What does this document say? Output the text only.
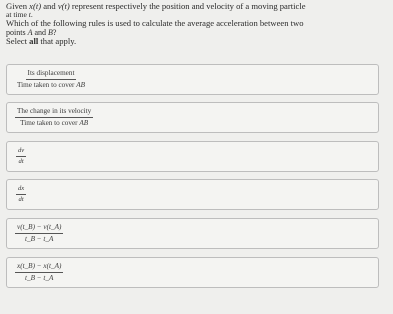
Given x(t) and v(t) represent respectively the position and velocity of a moving particle

at time t.

Which of the following rules is used to calculate the average acceleration between two

points A and B?

Select all that apply.

Its displacement
Time taken to cover AB
The change in its velocity
Time taken to cover AB
$\frac{dv}{dt}$
$\frac{dx}{dt}$
$\frac{v(t\_B) - v(t\_A)}{t\_B - t\_A}$
$\frac{x(t\_B) - x(t\_A)}{t\_B - t\_A}$
